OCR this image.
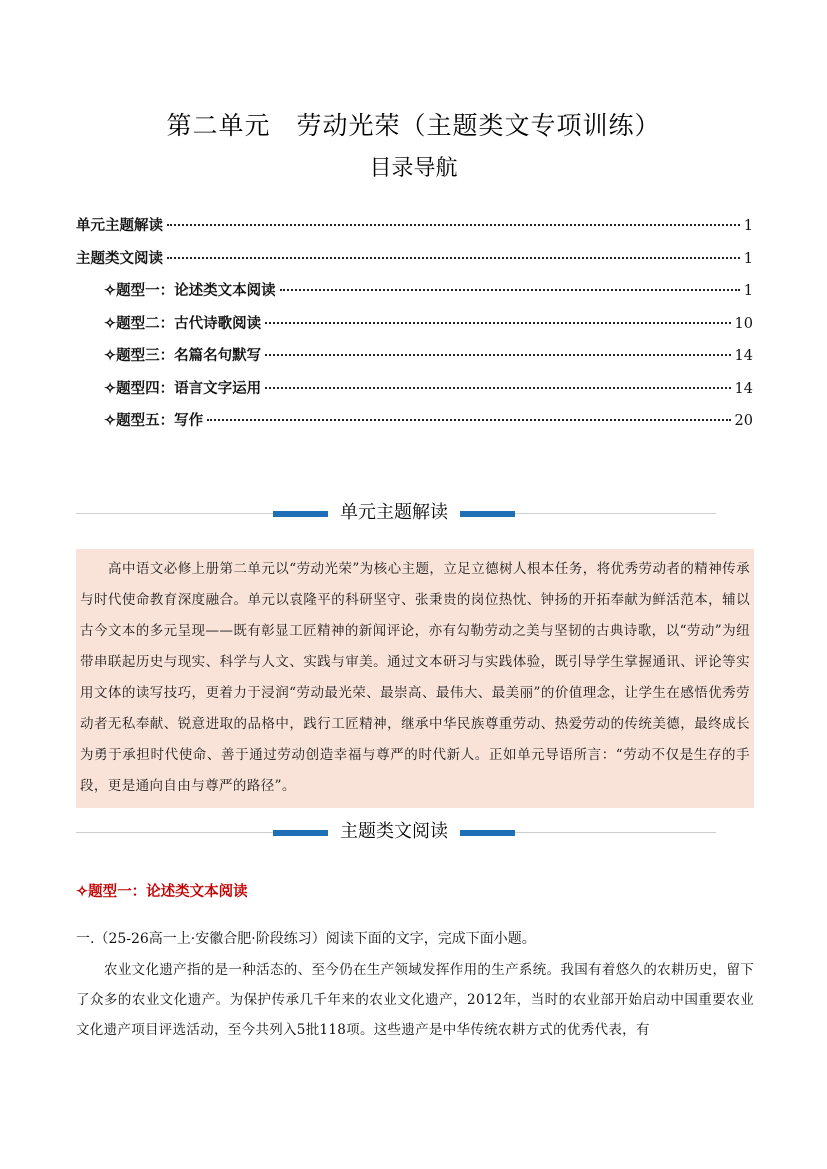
第二单元　劳动光荣（主题类文专项训练）
目录导航
单元主题解读	1
主题类文阅读	1
✧题型一：论述类文本阅读	1
✧题型二：古代诗歌阅读	10
✧题型三：名篇名句默写	14
✧题型四：语言文字运用	14
✧题型五：写作	20
单元主题解读

高中语文必修上册第二单元以“劳动光荣”为核心主题，立足立德树人根本任务，将优秀劳动者的精神传承与时代使命教育深度融合。单元以袁隆平的科研坚守、张秉贵的岗位热忱、钟扬的开拓奉献为鲜活范本，辅以古今文本的多元呈现——既有彰显工匠精神的新闻评论，亦有勾勒劳动之美与坚韧的古典诗歌，以“劳动”为纽带串联起历史与现实、科学与人文、实践与审美。通过文本研习与实践体验，既引导学生掌握通讯、评论等实用文体的读写技巧，更着力于浸润“劳动最光荣、最崇高、最伟大、最美丽”的价值理念，让学生在感悟优秀劳动者无私奉献、锐意进取的品格中，践行工匠精神，继承中华民族尊重劳动、热爱劳动的传统美德，最终成长为勇于承担时代使命、善于通过劳动创造幸福与尊严的时代新人。正如单元导语所言：“劳动不仅是生存的手段，更是通向自由与尊严的路径”。

主题类文阅读
✧题型一：论述类文本阅读
一.（25-26高一上·安徽合肥·阶段练习）阅读下面的文字，完成下面小题。

农业文化遗产指的是一种活态的、至今仍在生产领域发挥作用的生产系统。我国有着悠久的农耕历史，留下了众多的农业文化遗产。为保护传承几千年来的农业文化遗产，2012年，当时的农业部开始启动中国重要农业文化遗产项目评选活动，至今共列入5批118项。这些遗产是中华传统农耕方式的优秀代表，有
